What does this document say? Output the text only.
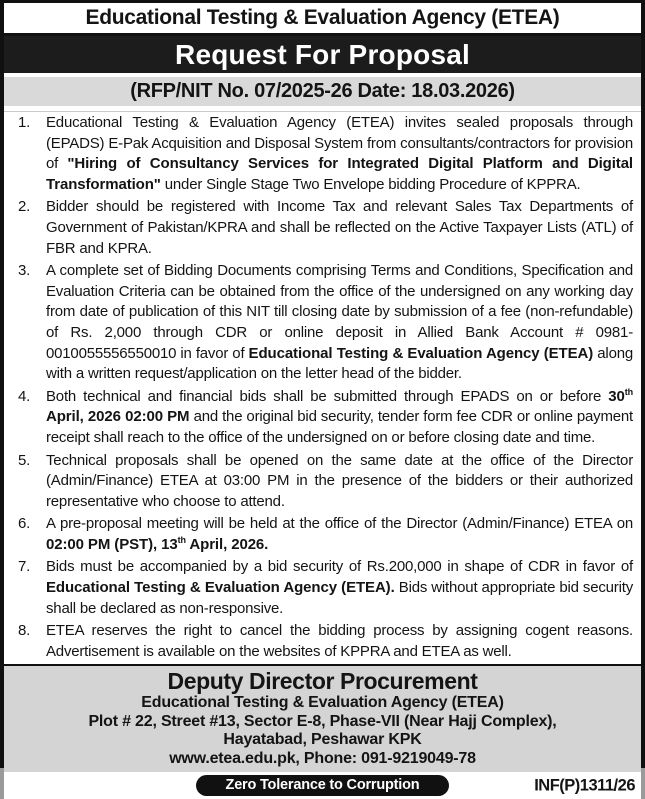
Educational Testing & Evaluation Agency (ETEA)
Request For Proposal
(RFP/NIT No. 07/2025-26 Date: 18.03.2026)
1.	Educational Testing & Evaluation Agency (ETEA) invites sealed proposals through (EPADS) E-Pak Acquisition and Disposal System from consultants/contractors for provision of "Hiring of Consultancy Services for Integrated Digital Platform and Digital Transformation" under Single Stage Two Envelope bidding Procedure of KPPRA.
2.	Bidder should be registered with Income Tax and relevant Sales Tax Departments of Government of Pakistan/KPRA and shall be reflected on the Active Taxpayer Lists (ATL) of FBR and KPRA.
3.	A complete set of Bidding Documents comprising Terms and Conditions, Specification and Evaluation Criteria can be obtained from the office of the undersigned on any working day from date of publication of this NIT till closing date by submission of a fee (non-refundable) of Rs. 2,000 through CDR or online deposit in Allied Bank Account # 0981-0010055556550010 in favor of Educational Testing & Evaluation Agency (ETEA) along with a written request/application on the letter head of the bidder.
4.	Both technical and financial bids shall be submitted through EPADS on or before 30th April, 2026 02:00 PM and the original bid security, tender form fee CDR or online payment receipt shall reach to the office of the undersigned on or before closing date and time.
5.	Technical proposals shall be opened on the same date at the office of the Director (Admin/Finance) ETEA at 03:00 PM in the presence of the bidders or their authorized representative who choose to attend.
6.	A pre-proposal meeting will be held at the office of the Director (Admin/Finance) ETEA on 02:00 PM (PST), 13th April, 2026.
7.	Bids must be accompanied by a bid security of Rs.200,000 in shape of CDR in favor of Educational Testing & Evaluation Agency (ETEA). Bids without appropriate bid security shall be declared as non-responsive.
8.	ETEA reserves the right to cancel the bidding process by assigning cogent reasons. Advertisement is available on the websites of KPPRA and ETEA as well.
Deputy Director Procurement
Educational Testing & Evaluation Agency (ETEA)
Plot # 22, Street #13, Sector E-8, Phase-VII (Near Hajj Complex),
Hayatabad, Peshawar KPK
www.etea.edu.pk, Phone: 091-9219049-78
Zero Tolerance to Corruption	INF(P)1311/26
